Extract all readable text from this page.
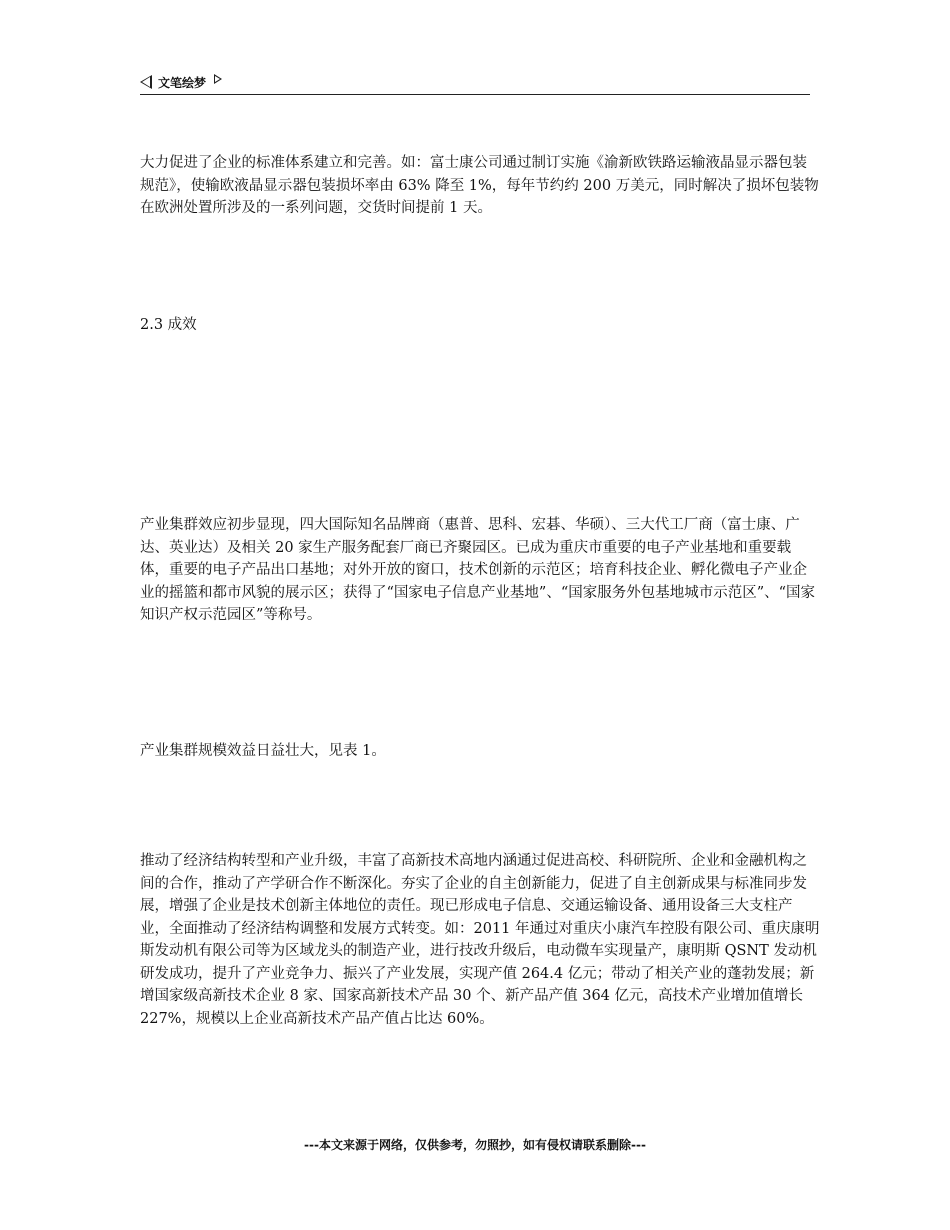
文笔绘梦
大力促进了企业的标准体系建立和完善。如：富士康公司通过制订实施《渝新欧铁路运输液晶显示器包装规范》，使输欧液晶显示器包装损坏率由 63% 降至 1%，每年节约约 200 万美元，同时解决了损坏包装物在欧洲处置所涉及的一系列问题，交货时间提前 1 天。
2.3 成效
产业集群效应初步显现，四大国际知名品牌商（惠普、思科、宏碁、华硕）、三大代工厂商（富士康、广达、英业达）及相关 20 家生产服务配套厂商已齐聚园区。已成为重庆市重要的电子产业基地和重要载体，重要的电子产品出口基地；对外开放的窗口，技术创新的示范区；培育科技企业、孵化微电子产业企业的摇篮和都市风貌的展示区；获得了“国家电子信息产业基地”、“国家服务外包基地城市示范区”、“国家知识产权示范园区”等称号。
产业集群规模效益日益壮大，见表 1。
推动了经济结构转型和产业升级，丰富了高新技术高地内涵通过促进高校、科研院所、企业和金融机构之间的合作，推动了产学研合作不断深化。夯实了企业的自主创新能力，促进了自主创新成果与标准同步发展，增强了企业是技术创新主体地位的责任。现已形成电子信息、交通运输设备、通用设备三大支柱产业，全面推动了经济结构调整和发展方式转变。如：2011 年通过对重庆小康汽车控股有限公司、重庆康明斯发动机有限公司等为区域龙头的制造产业，进行技改升级后，电动微车实现量产，康明斯 QSNT 发动机研发成功，提升了产业竞争力、振兴了产业发展，实现产值 264.4 亿元；带动了相关产业的蓬勃发展；新增国家级高新技术企业 8 家、国家高新技术产品 30 个、新产品产值 364 亿元，高技术产业增加值增长 227%，规模以上企业高新技术产品产值占比达 60%。
---本文来源于网络，仅供参考，勿照抄，如有侵权请联系删除---
